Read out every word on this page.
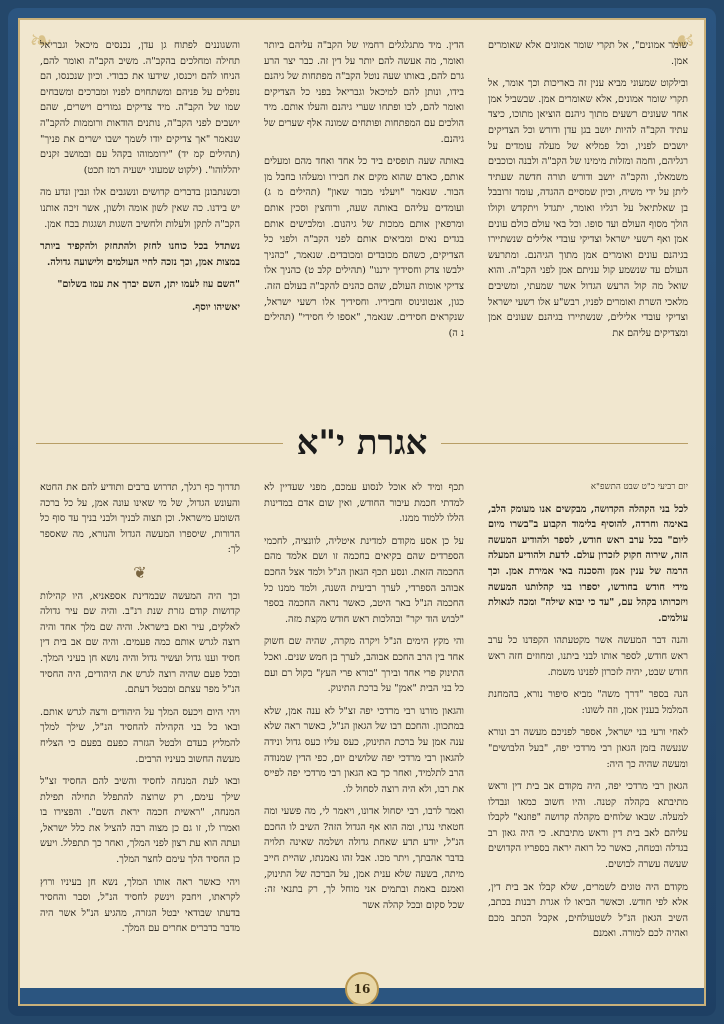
❧	☙

שומר אמונים", אל תקרי שומר אמונים אלא שאומרים אמן.

ובילקוט שמעוני מביא ענין זה באריכות וכך אומר, אל תקרי שומר אמונים, אלא שאומרים אמן. שבשביל אמן אחד שעונים רשעים מתוך גיהנם הוציאן מתוכו, כיצד עתיד הקב"ה להיות יושב בגן עדן ודורש וכל הצדיקים יושבים לפניו, וכל פמליא של מעלה עומדים על רגליהם, וחמה ומזלות מימינו של הקב"ה ולבנה וכוכבים משמאלו, והקב"ה יושב ודורש תורה חדשה שעתיד ליתן על ידי משיח, וכיון שמסיים ההגדה, עומד זרובבל בן שאלתיאל על רגליו ואומר, יתגדל ויתקדש וקולו הולך מסוף העולם ועד סופו. וכל באי עולם כולם עונים אמן ואף רשעי ישראל וצדיקי עובדי אלילים שנשתיירו בגיהנם עונים ואומרים אמן מתוך הגיהנם. ומתרעש העולם עד שנשמע קול עניתם אמן לפני הקב"ה. והוא שואל מה קול הרעש הגדול אשר שמעתי, ומשיבים מלאכי השרת ואומרים לפניו, רבש"ע אלו רשעי ישראל וצדיקי עובדי אלילים, שנשתיירו בגיהנם שעונים אמן ומצדיקים עליהם את

הדין. מיד מתגלגלים רחמיו של הקב"ה עליהם ביותר ואומר, מה אעשה להם יותר על דין זה. כבר יצר הרע גרם להם, באותו שעה נוטל הקב"ה מפתחות של גיהנם בידו, ונותן להם למיכאל וגבריאל בפני כל הצדיקים ואומר להם, לכו ופתחו שערי גיהנם והעלו אותם. מיד הולכים עם המפתחות ופותחים שמונה אלף שערים של גיהנם.

באותה שעה תופסים ביד כל אחד ואחד מהם ומעלים אותם, כאדם שהוא מקים את חבירו ומעלהו בחבל מן הבור. שנאמר "ויעלני מבור שאון" (תהילים מ ג) ועומדים עליהם באותה שעה, ורוחצין וסכין אותם ומרפאין אותם ממכות של גיהנום. ומלבישים אותם בגדים נאים ומביאים אותם לפני הקב"ה ולפני כל הצדיקים, כשהם מכובדים ומכובדים. שנאמר, "כהניך ילבשו צדק וחסידיך ירננו" (תהילים קלב ט) כהניך אלו צדיקי אומות העולם, שהם כהנים להקב"ה בעולם הזה. כגון, אנטונינוס וחביריו. וחסידיך אלו רשעי ישראל, שנקראים חסידים. שנאמר, "אספו לי חסידי" (תהילים נ ה)

והשגוננים לפתוח גן עדן, נכנסים מיכאל וגבריאל תחילה ומחלכים בהקב"ה. משיב הקב"ה ואומר להם, הניחו להם ויכנסו, שידעו את כבודי. וכיון שנכנסו, הם נופלים על פניהם ומשתחוים לפניו ומברכים ומשבחים שמו של הקב"ה. מיד צדיקים גמורים וישרים, שהם יושבים לפני הקב"ה, נותנים הודאות ורוממות להקב"ה שנאמר "אך צדיקים יודו לשמך ישבו ישרים את פניך" (תהילים קמ יד) "ירוממוהו בקהל עם ובמושב זקנים יהללוהו". (ילקוט שמעוני ישעיה רמז תכט)

וכשנתבונן בדברים קדושים ונשגבים אלו ונבין ונדע מה יש בידנו. כה שאין לשון אומה ולשון, אשר זיכה אותנו הקב"ה לתקן ולעלות ולחשיב השגות ושגגות בכח אמן.

נשתדל בכל כוחנו לחזק ולהתחזק ולהקפיד ביותר במצות אמן, וכך נזכה לחיי העולמים ולישועה גדולה.

"השם עוז לעמו יתן, השם יברך את עמו בשלום"

יאשיהו יוסף.

אגרת י"א
יום רביעי כ"ט שבט התשפ"א

לכל בני הקהלה הקדושה, מבקשים אנו מעומק הלב, באימה וחרדה, להוסיף בלימוד הקבוע ב"בשרו מיום ליום" בכל ערב ראש חודש, לספר ולהודיע המעשה הזה, שירוה חקוק לזכרון עולם. לדעת ולהודיע המעלה הרמה של ענין אמן והסכנה באי אמירת אמן. וכך מידי חודש בחודשו, יספרו בני קהלותנו המעשה ויזכרותו בקהל עם, "עד כי יבוא שילה" ומכה לגאולת עולמים.

והנה דבר המעשה אשר מקטעתהו הקפדנו כל ערב ראש חודש, לספר אותו לבני ביתנו, ומחוזים חזה ראש חודש שבט, יהיה לזכרון לפנינו משמת.

הנה בספר "דרך משה" מביא סיפור נורא, בהמחנת המלמל בענין אמן, וזה לשונו:

לאחי ורעי בני ישראל, אספר לפניכם מעשה רב ונורא שנעשה בזמן הגאון רבי מרדכי יפה, "בעל הלבושים" ומעשה שהיה כך היה:

הגאון רבי מרדכי יפה, היה מקודם אב בית דין וראש מתיבתא בקהלה קטנה. והיו חשוב כמאו ונבדלו למעלה. שבאו שלוחים מקהלה קדושה "פוזנא" לקבלו עליהם לאב בית דין וראש מתיבתא. כי היה גאון רב בגדלה ובטחה, כאשר כל רואה יראה בספריו הקדושים שעשה עשרה לבושים.

מקודם היה טוגים לשמרים, שלא קבלו אב בית דין, אלא לפי חודש. וכאשר הביאו לו אגרת רבנות בכתב, השיב הגאון הנ"ל לשטעולחים, אקבל הכתב מכם ואהיה לכם למורה. ואמנם

תכף ומיד לא אוכל לנסוע עמכם, מפני שעדיין לא למדתי חכמת עיבור החודש, ואין שום אדם במדינות הללו ללמוד ממנו.

על כן אסע מקודם למדינת איטליה, לוונציה, לחכמי הספרדים שהם בקיאים בחכמה זו ושם אלמד מהם החכמה הזאת. ונסע תכף הגאון הנ"ל ולמד אצל החכם אבוהב הספרדי, לערך רביעית השנה, ולמד ממנו כל החכמה הנ"ל באר היטב, כאשר נראה החכמה בספר "לבוש הוד יקר" ובהלכות ראש חודש מקצת מזה.

והי מקץ הימים הנ"ל ויקרה מקרה, שהיה שם חשוק אחד בין הרב החכם אבוהב, לערך בן חמש שנים. ואכל התינוק פרי אחד ובירך "בורא פרי העץ" בקול רם ועם כל בני הבית "אמן" על ברכת התינוק.

והגאון מורנו רבי מרדכי יפה זצ"ל לא ענה אמן, שלא במתכוון. והחכם רבו של הגאון הנ"ל, כאשר ראה שלא ענה אמן על ברכת התינוק, כעס עליו כעס גדול ונידה להגאון רבי מרדכי יפה שלושים יום, כפי הדין שמנודה הרב לתלמיד, ואחר כך בא הגאון רבי מרדכי יפה לפייס את רבו, ולא היה רוצה לסחול לו.

ואמר לרבו, רבי יסחול אדונו, ויאמר לי, מה פשעי ומה חטאתי נגדו, ומה הוא אף הגדול הזה? השיב לו החכם הנ"ל, יודע תדע שאחת גדולה ושלמה שאינה תלויה בדבר אהבתך, ויתר מכו. אבל זהו נאמנתו, שהיית חייב מיתה, בשעה שלא ענית אמן, על הברכה של התינוק, ואמנם באמת ובתמים אני מוחל לך, רק בתנאי זה: שכל סקום ובכל קהלה אשר

תדרוך כף רגלך, תדרוש ברבים ותודיע להם את החטא והעונש הגדול, של מי שאינו עונה אמן, על כל ברכה השומע מישראל. וכן תצוה לבניך ולבני בניך עד סוף כל הדורות, שיספרו המעשה הגדול והנורא, מה שאספר לך:

❦

וכך היה המעשה שבמדינת אספאניא, היו קהילות קדושות קודם גזרת שנת רנ"ב. והיה שם עיר גדולה לאלקים, עיר ואם בישראל. והיה שם מלך אחד והיה רוצה לגרש אותם כמה פעמים. והיה שם אב בית דין חסיד וענו גדול ועשיר גדול והיה נושא חן בעיני המלך. ובכל פעם שהיה רוצה לגרש את היהודים, היה החסיד הנ"ל מפר עצתם ומבטל דעתם.

ויהי היום ויכעס המלך על היהודים ורצה לגרש אותם. ובאו כל בני הקהילה להחסיד הנ"ל, שילך למלך להמליץ בעדם ולבטל הגזרה כפעם בפעם כי הצליח מעשה החשוב בעיניו הרבים.

ובאו לעת המנחה לחסיד והשיב להם החסיד זצ"ל שילך עימם, רק שרוצה להתפלל תחילה תפילת המנחה, "ראשית חכמה יראת השם". והפצירו בו ואמרו לו, זו גם כן מצוה רבה להציל את כלל ישראל, ועתה הוא עת רצון לפני המלך, ואחר כך תתפלל. ויעש כן החסיד הלך עימם לחצר המלך.

ויהי כאשר ראה אותו המלך, נשא חן בעיניו ורוץ לקראתו, ויחבק וינשק לחסיד הנ"ל, וסבר והחסיד בדעתו שבודאי יבטל הגזרה, מהגיע הנ"ל אשר היה מדבר בדברים אחרים עם המלך.

16
